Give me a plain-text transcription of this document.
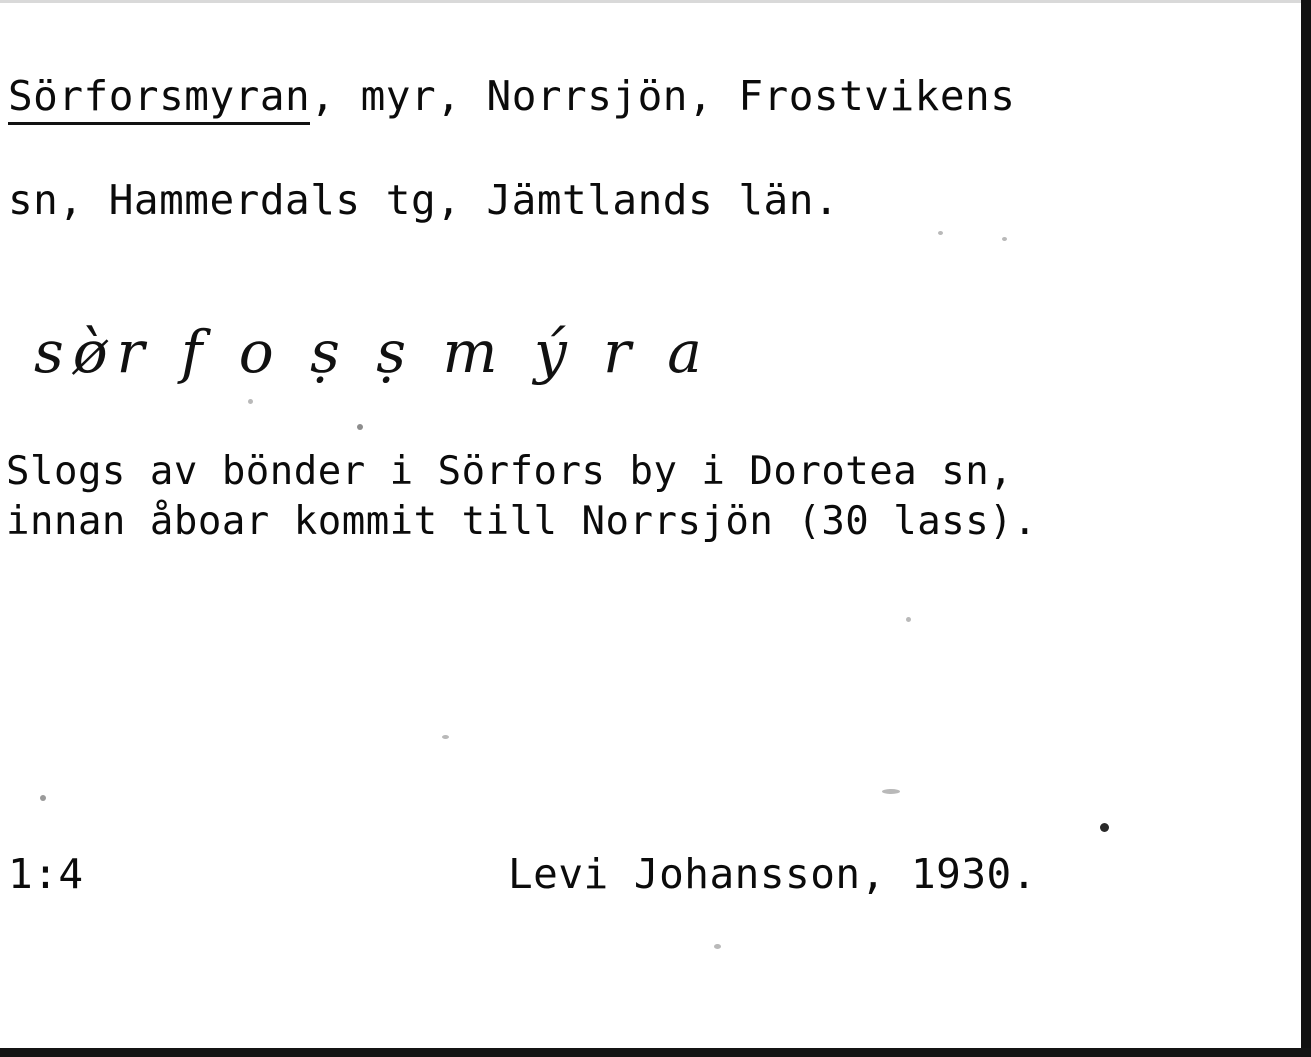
Sörforsmyran, myr, Norrsjön, Frostvikens
sn, Hammerdals tg, Jämtlands län.
sø̀r f o ṣ ṣ m ý r a
Slogs av bönder i Sörfors by i Dorotea sn,
innan åboar kommit till Norrsjön (30 lass).
1:4	Levi Johansson, 1930.
